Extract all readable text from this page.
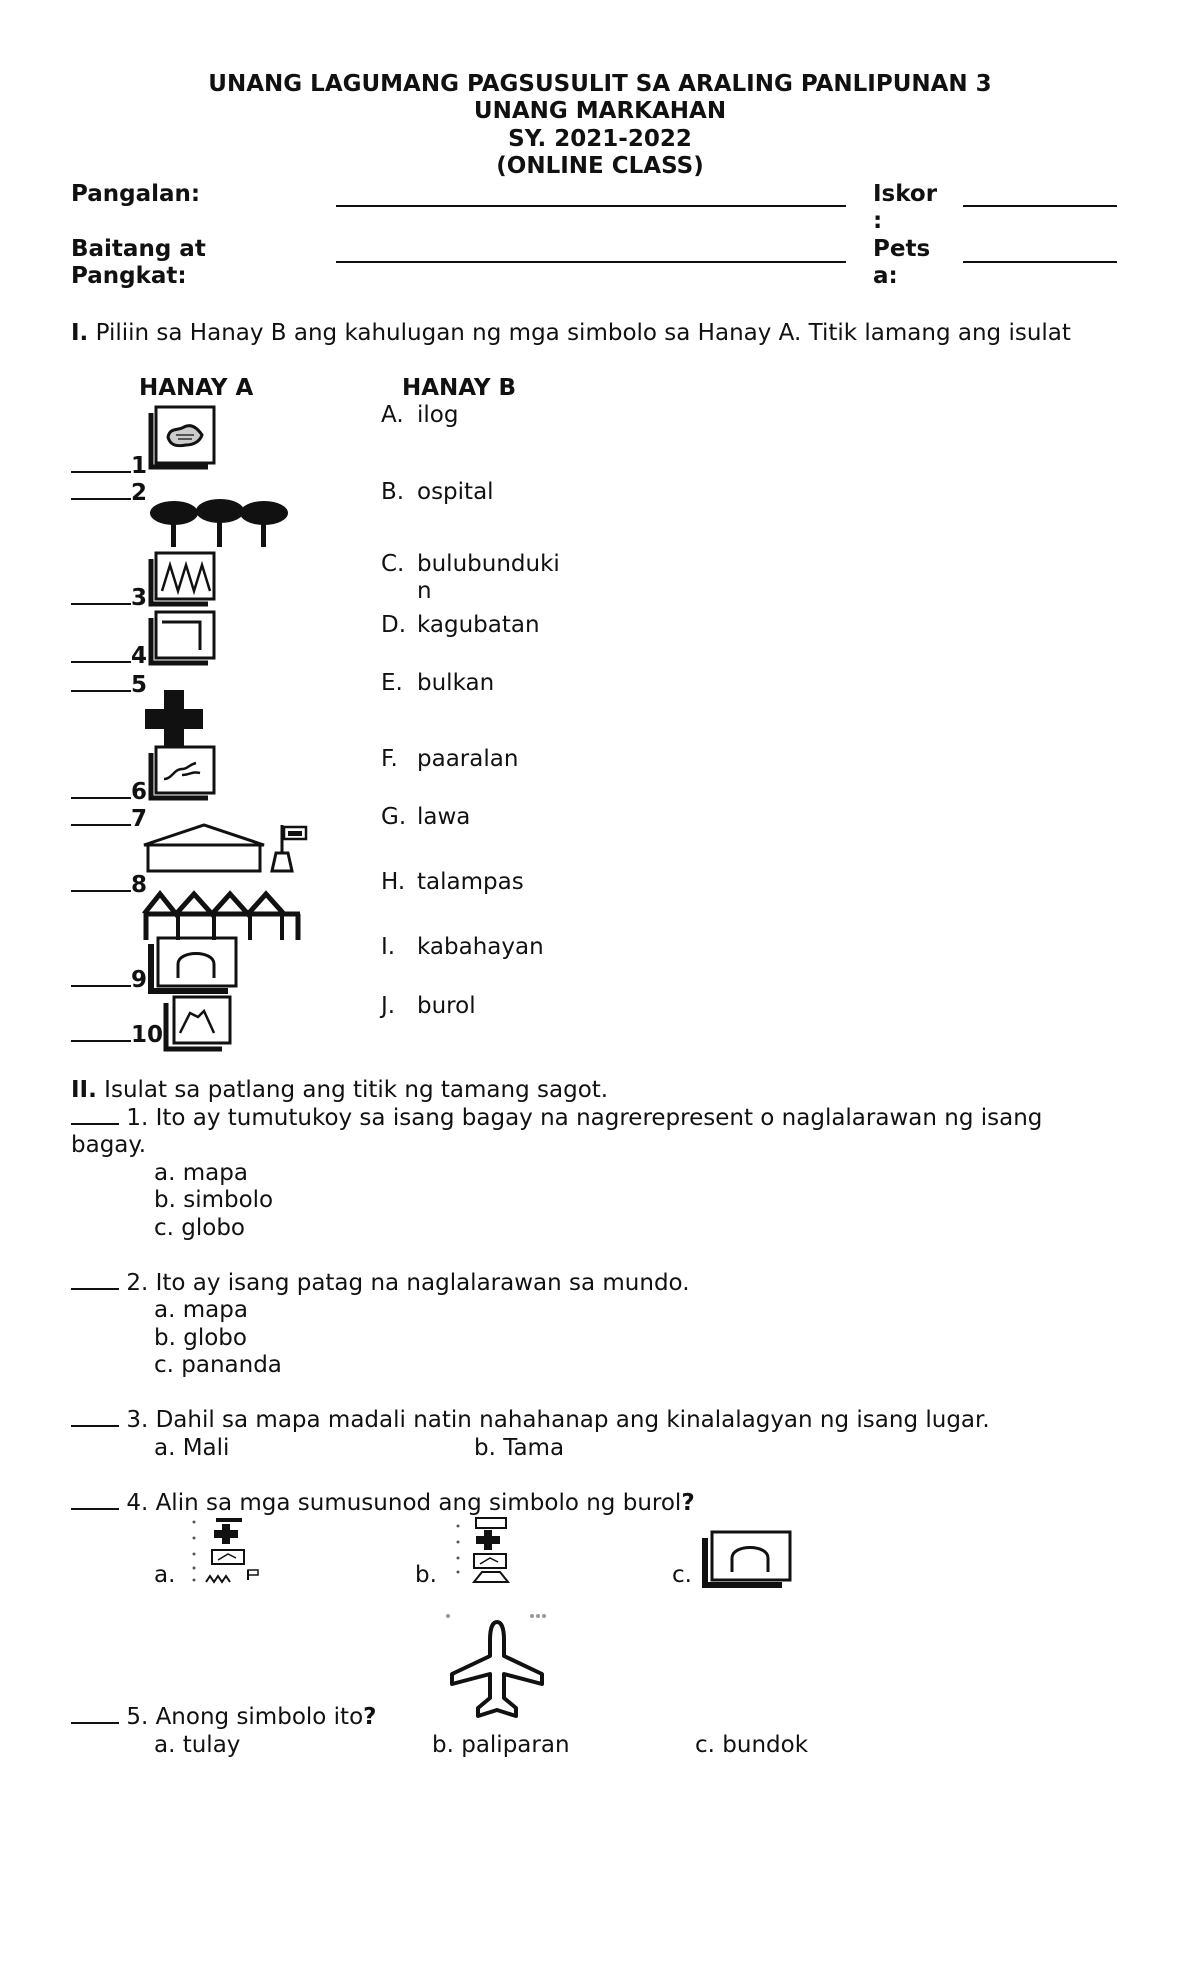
UNANG LAGUMANG PAGSUSULIT SA ARALING PANLIPUNAN 3
UNANG MARKAHAN
SY. 2021-2022
(ONLINE CLASS)
Pangalan:	Iskor
:
Baitang at
Pangkat:
Pets
a:
I. Piliin sa Hanay B ang kahulugan ng mga simbolo sa Hanay A. Titik lamang ang isulat
HANAY A	HANAY B
1
2
3
4
5
6
7
8
9
10
A. ilog
B. ospital
C. bulubunduki
n
D. kagubatan
E. bulkan
F. paaralan
G. lawa
H. talampas
I. kabahayan
J. burol
II. Isulat sa patlang ang titik ng tamang sagot.
1. Ito ay tumutukoy sa isang bagay na nagrerepresent o naglalarawan ng isang
bagay.
a. mapa
b. simbolo
c. globo
2. Ito ay isang patag na naglalarawan sa mundo.
a. mapa
b. globo
c. pananda
3. Dahil sa mapa madali natin nahahanap ang kinalalagyan ng isang lugar.
a. Mali	b. Tama
4. Alin sa mga sumusunod ang simbolo ng burol?
a.	b.	c.
5. Anong simbolo ito?
a. tulay	b. paliparan	c. bundok
